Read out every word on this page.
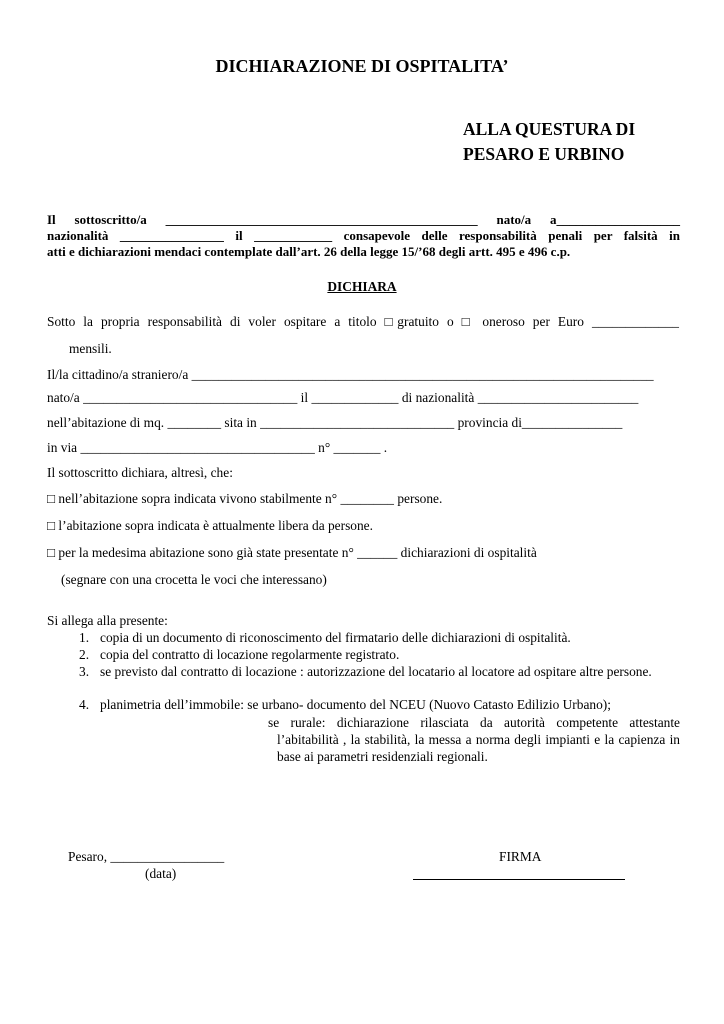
DICHIARAZIONE DI OSPITALITA’
ALLA QUESTURA DI
PESARO E URBINO
Il sottoscritto/a ________________________________________________ nato/a a___________________
nazionalità ________________ il ____________ consapevole delle responsabilità penali per falsità in
atti e dichiarazioni mendaci contemplate dall’art. 26 della legge 15/’68 degli artt. 495 e 496 c.p.
DICHIARA
Sotto la propria responsabilità di voler ospitare a titolo □gratuito o □ oneroso per Euro _____________
mensili.
Il/la cittadino/a straniero/a _____________________________________________________________________
nato/a ________________________________ il _____________ di nazionalità ________________________
nell’abitazione di mq. ________ sita in _____________________________ provincia di_______________
in via ___________________________________ n° _______ .
Il sottoscritto dichiara, altresì, che:
□ nell’abitazione sopra indicata vivono stabilmente n° ________ persone.
□ l’abitazione sopra indicata è attualmente libera da persone.
□ per la medesima abitazione sono già state presentate n° ______ dichiarazioni di ospitalità
(segnare con una crocetta le voci che interessano)
Si allega alla presente:
1. copia di un documento di riconoscimento del firmatario delle dichiarazioni di ospitalità.
2. copia del contratto di locazione regolarmente registrato.
3. se previsto dal contratto di locazione : autorizzazione del locatario al locatore ad ospitare altre persone.
4. planimetria dell’immobile: se urbano- documento del NCEU (Nuovo Catasto Edilizio Urbano);
se rurale: dichiarazione rilasciata da autorità competente attestante l’abitabilità , la stabilità, la messa a norma degli impianti e la capienza in base ai parametri residenziali regionali.
Pesaro, _________________
(data)
FIRMA
